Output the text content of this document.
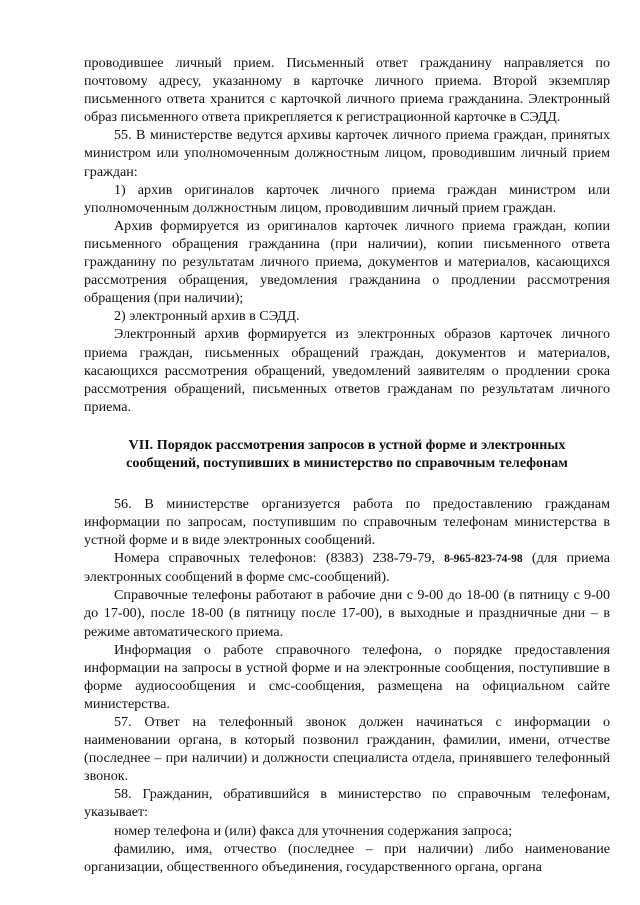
проводившее личный прием. Письменный ответ гражданину направляется по почтовому адресу, указанному в карточке личного приема. Второй экземпляр письменного ответа хранится с карточкой личного приема гражданина. Электронный образ письменного ответа прикрепляется к регистрационной карточке в СЭДД.

55. В министерстве ведутся архивы карточек личного приема граждан, принятых министром или уполномоченным должностным лицом, проводившим личный прием граждан:

1) архив оригиналов карточек личного приема граждан министром или уполномоченным должностным лицом, проводившим личный прием граждан.

Архив формируется из оригиналов карточек личного приема граждан, копии письменного обращения гражданина (при наличии), копии письменного ответа гражданину по результатам личного приема, документов и материалов, касающихся рассмотрения обращения, уведомления гражданина о продлении рассмотрения обращения (при наличии);

2) электронный архив в СЭДД.

Электронный архив формируется из электронных образов карточек личного приема граждан, письменных обращений граждан, документов и материалов, касающихся рассмотрения обращений, уведомлений заявителям о продлении срока рассмотрения обращений, письменных ответов гражданам по результатам личного приема.

VII. Порядок рассмотрения запросов в устной форме и электронных
сообщений, поступивших в министерство по справочным телефонам

56. В министерстве организуется работа по предоставлению гражданам информации по запросам, поступившим по справочным телефонам министерства в устной форме и в виде электронных сообщений.

Номера справочных телефонов: (8383) 238-79-79, 8-965-823-74-98 (для приема электронных сообщений в форме смс-сообщений).

Справочные телефоны работают в рабочие дни с 9-00 до 18-00 (в пятницу с 9-00 до 17-00), после 18-00 (в пятницу после 17-00), в выходные и праздничные дни – в режиме автоматического приема.

Информация о работе справочного телефона, о порядке предоставления информации на запросы в устной форме и на электронные сообщения, поступившие в форме аудиосообщения и смс-сообщения, размещена на официальном сайте министерства.

57. Ответ на телефонный звонок должен начинаться с информации о наименовании органа, в который позвонил гражданин, фамилии, имени, отчестве (последнее – при наличии) и должности специалиста отдела, принявшего телефонный звонок.

58. Гражданин, обратившийся в министерство по справочным телефонам, указывает:

номер телефона и (или) факса для уточнения содержания запроса;

фамилию, имя, отчество (последнее – при наличии) либо наименование организации, общественного объединения, государственного органа, органа
